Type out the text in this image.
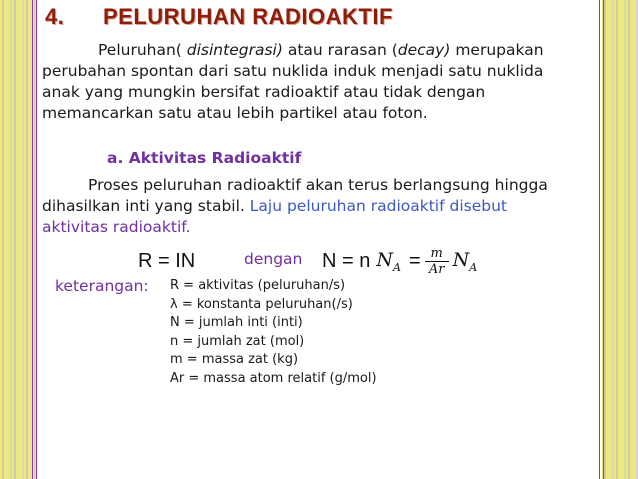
4. PELURUHAN RADIOAKTIF
Peluruhan( disintegrasi) atau rarasan (decay) merupakan
perubahan spontan dari satu nuklida induk menjadi satu nuklida
anak yang mungkin bersifat radioaktif atau tidak dengan
memancarkan satu atau lebih partikel atau foton.
a. Aktivitas Radioaktif
Proses peluruhan radioaktif akan terus berlangsung hingga
dihasilkan inti yang stabil. Laju peluruhan radioaktif disebut
aktivitas radioaktif.
R = IN	dengan N = n $N_A = \frac{m}{Ar} N_A$
keterangan: R = aktivitas (peluruhan/s)
λ = konstanta peluruhan(/s)
N = jumlah inti (inti)
n = jumlah zat (mol)
m = massa zat (kg)
Ar = massa atom relatif (g/mol)
